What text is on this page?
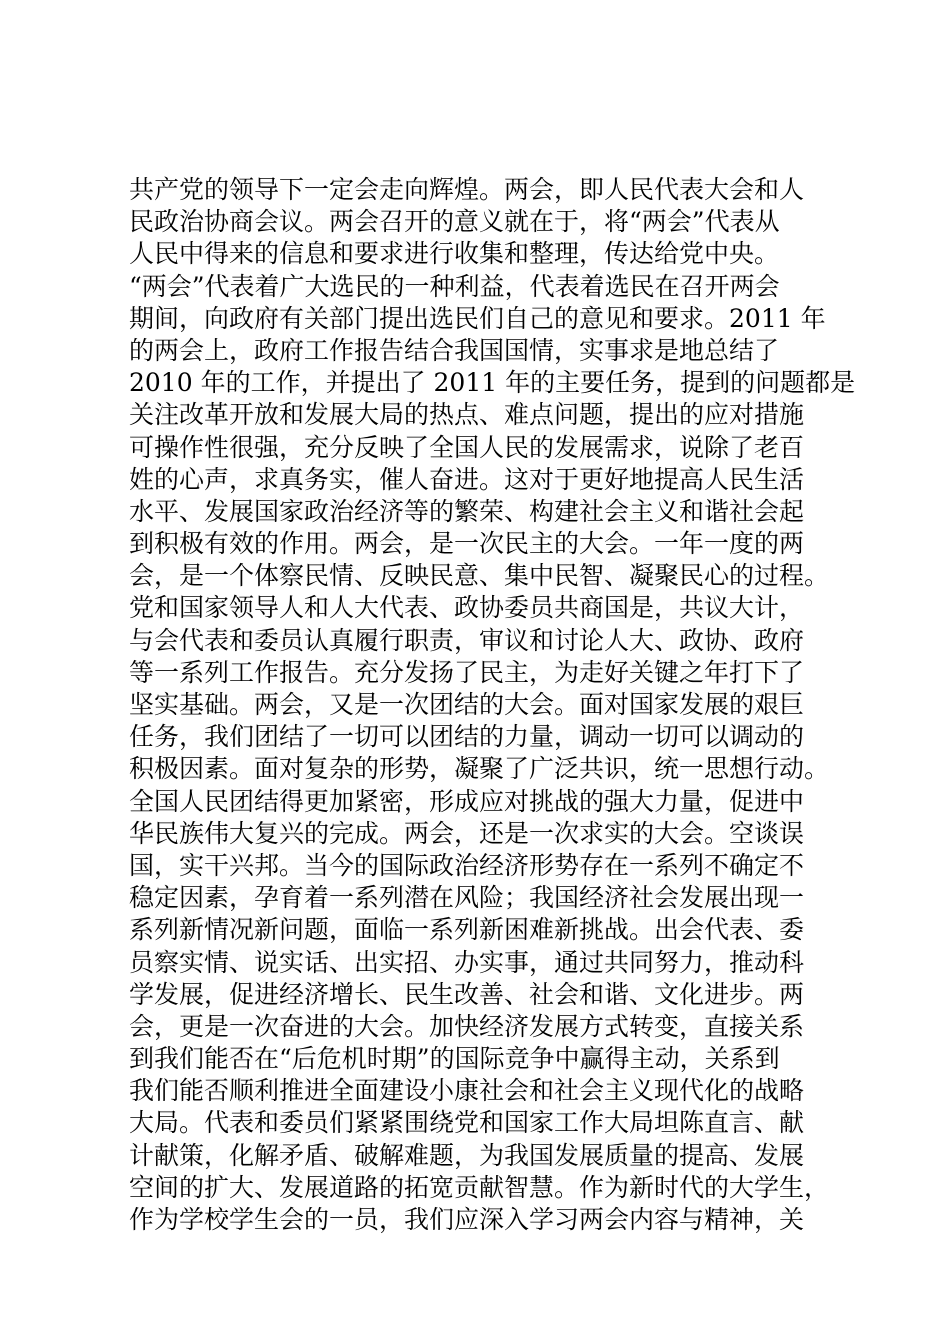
共产党的领导下一定会走向辉煌。两会，即人民代表大会和人
民政治协商会议。两会召开的意义就在于，将“两会”代表从
人民中得来的信息和要求进行收集和整理，传达给党中央。
“两会”代表着广大选民的一种利益，代表着选民在召开两会
期间，向政府有关部门提出选民们自己的意见和要求。2011 年
的两会上，政府工作报告结合我国国情，实事求是地总结了
2010 年的工作，并提出了 2011 年的主要任务，提到的问题都是
关注改革开放和发展大局的热点、难点问题，提出的应对措施
可操作性很强，充分反映了全国人民的发展需求，说除了老百
姓的心声，求真务实，催人奋进。这对于更好地提高人民生活
水平、发展国家政治经济等的繁荣、构建社会主义和谐社会起
到积极有效的作用。两会，是一次民主的大会。一年一度的两
会，是一个体察民情、反映民意、集中民智、凝聚民心的过程。
党和国家领导人和人大代表、政协委员共商国是，共议大计，
与会代表和委员认真履行职责，审议和讨论人大、政协、政府
等一系列工作报告。充分发扬了民主，为走好关键之年打下了
坚实基础。两会，又是一次团结的大会。面对国家发展的艰巨
任务，我们团结了一切可以团结的力量，调动一切可以调动的
积极因素。面对复杂的形势，凝聚了广泛共识，统一思想行动。
全国人民团结得更加紧密，形成应对挑战的强大力量，促进中
华民族伟大复兴的完成。两会，还是一次求实的大会。空谈误
国，实干兴邦。当今的国际政治经济形势存在一系列不确定不
稳定因素，孕育着一系列潜在风险；我国经济社会发展出现一
系列新情况新问题，面临一系列新困难新挑战。出会代表、委
员察实情、说实话、出实招、办实事，通过共同努力，推动科
学发展，促进经济增长、民生改善、社会和谐、文化进步。两
会，更是一次奋进的大会。加快经济发展方式转变，直接关系
到我们能否在“后危机时期”的国际竞争中赢得主动，关系到
我们能否顺利推进全面建设小康社会和社会主义现代化的战略
大局。代表和委员们紧紧围绕党和国家工作大局坦陈直言、献
计献策，化解矛盾、破解难题，为我国发展质量的提高、发展
空间的扩大、发展道路的拓宽贡献智慧。作为新时代的大学生，
作为学校学生会的一员，我们应深入学习两会内容与精神，关
